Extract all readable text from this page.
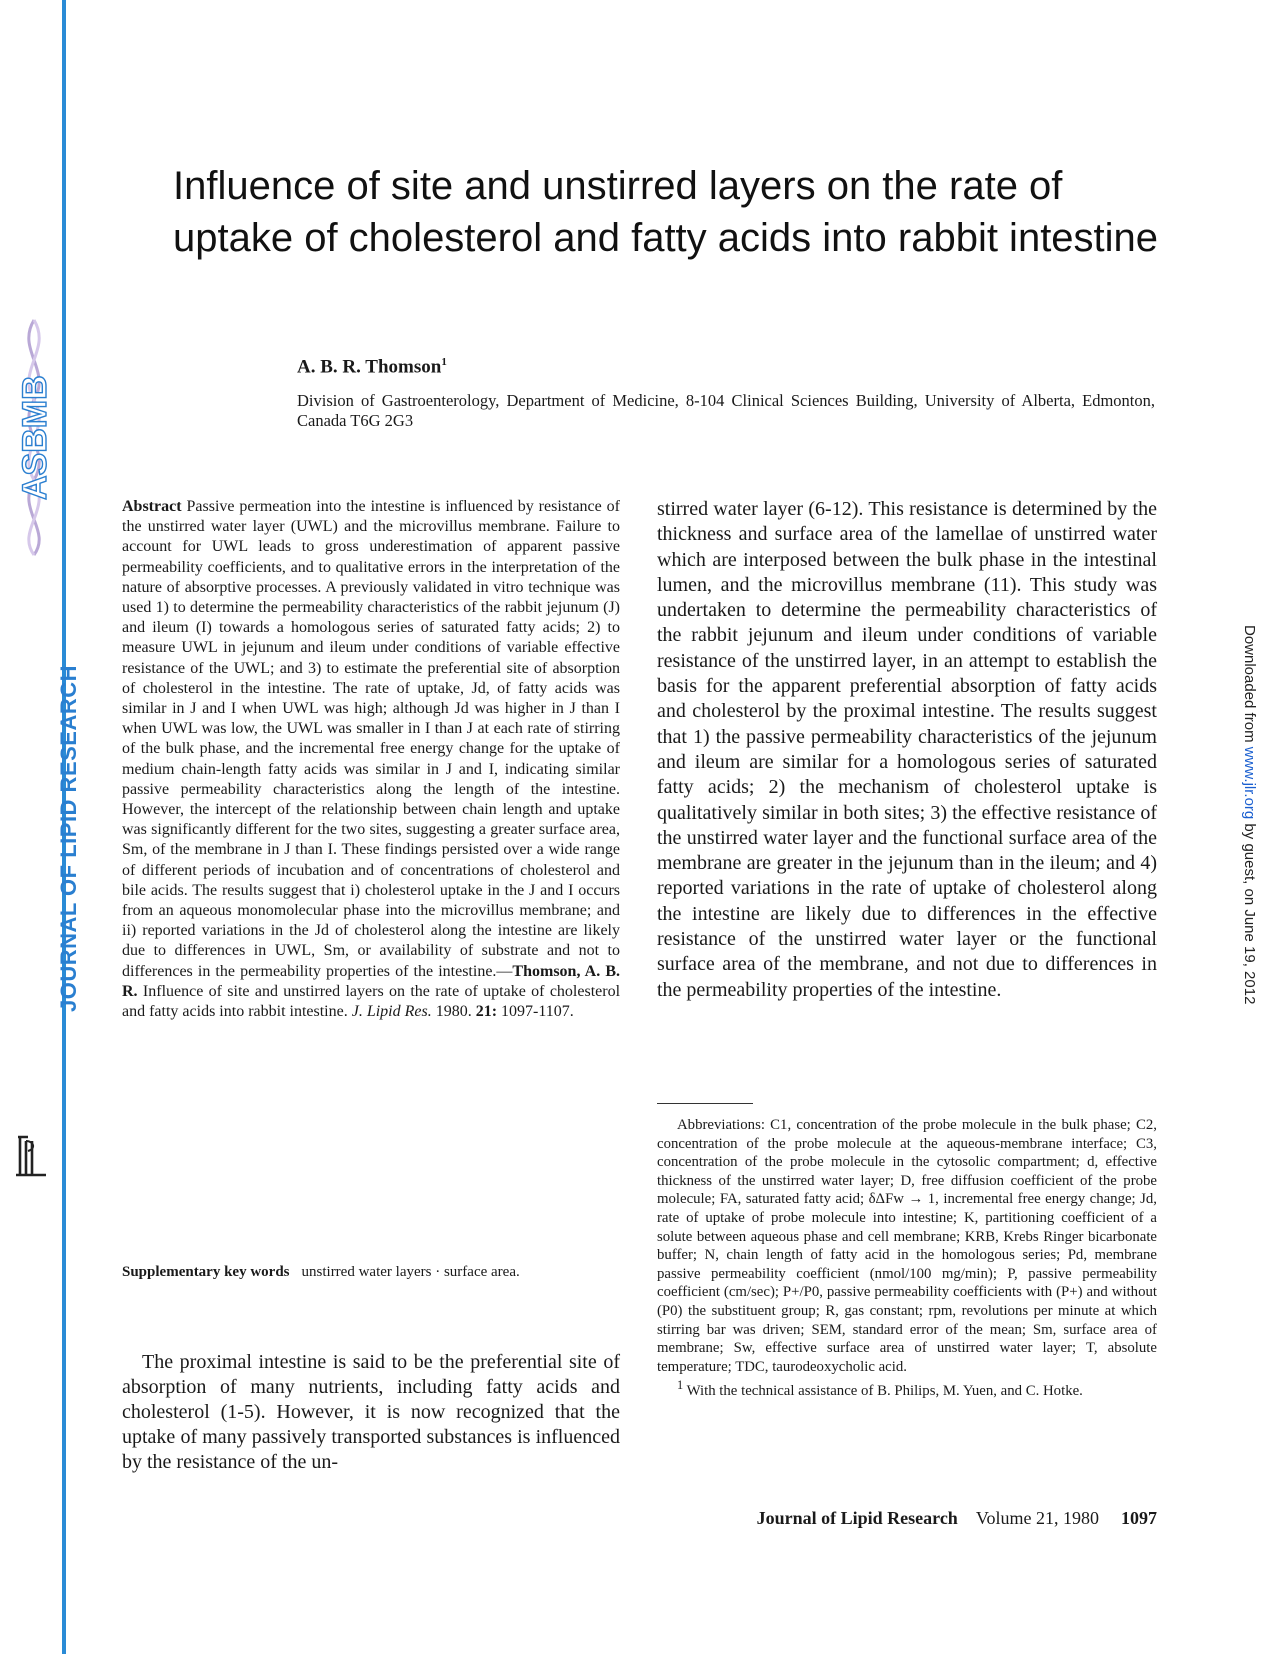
ASBMB
JOURNAL OF LIPID RESEARCH	Downloaded from www.jlr.org by guest, on June 19, 2012
Influence of site and unstirred layers on the rate of uptake of cholesterol and fatty acids into rabbit intestine

A. B. R. Thomson$^1$

Division of Gastroenterology, Department of Medicine, 8-104 Clinical Sciences Building, University of Alberta, Edmonton, Canada T6G 2G3

Abstract Passive permeation into the intestine is influenced by resistance of the unstirred water layer (UWL) and the microvillus membrane. Failure to account for UWL leads to gross underestimation of apparent passive permeability coefficients, and to qualitative errors in the interpretation of the nature of absorptive processes. A previously validated in vitro technique was used 1) to determine the permeability characteristics of the rabbit jejunum (J) and ileum (I) towards a homologous series of saturated fatty acids; 2) to measure UWL in jejunum and ileum under conditions of variable effective resistance of the UWL; and 3) to estimate the preferential site of absorption of cholesterol in the intestine. The rate of uptake, Jd, of fatty acids was similar in J and I when UWL was high; although Jd was higher in J than I when UWL was low, the UWL was smaller in I than J at each rate of stirring of the bulk phase, and the incremental free energy change for the uptake of medium chain-length fatty acids was similar in J and I, indicating similar passive permeability characteristics along the length of the intestine. However, the intercept of the relationship between chain length and uptake was significantly different for the two sites, suggesting a greater surface area, Sm, of the membrane in J than I. These findings persisted over a wide range of different periods of incubation and of concentrations of cholesterol and bile acids. The results suggest that i) cholesterol uptake in the J and I occurs from an aqueous monomolecular phase into the microvillus membrane; and ii) reported variations in the Jd of cholesterol along the intestine are likely due to differences in UWL, Sm, or availability of substrate and not to differences in the permeability properties of the intestine.—Thomson, A. B. R. Influence of site and unstirred layers on the rate of uptake of cholesterol and fatty acids into rabbit intestine. J. Lipid Res. 1980. 21: 1097-1107.

Supplementary key words unstirred water layers · surface area.

The proximal intestine is said to be the preferential site of absorption of many nutrients, including fatty acids and cholesterol (1-5). However, it is now recognized that the uptake of many passively transported substances is influenced by the resistance of the un-

stirred water layer (6-12). This resistance is determined by the thickness and surface area of the lamellae of unstirred water which are interposed between the bulk phase in the intestinal lumen, and the microvillus membrane (11). This study was undertaken to determine the permeability characteristics of the rabbit jejunum and ileum under conditions of variable resistance of the unstirred layer, in an attempt to establish the basis for the apparent preferential absorption of fatty acids and cholesterol by the proximal intestine. The results suggest that 1) the passive permeability characteristics of the jejunum and ileum are similar for a homologous series of saturated fatty acids; 2) the mechanism of cholesterol uptake is qualitatively similar in both sites; 3) the effective resistance of the unstirred water layer and the functional surface area of the membrane are greater in the jejunum than in the ileum; and 4) reported variations in the rate of uptake of cholesterol along the intestine are likely due to differences in the effective resistance of the unstirred water layer or the functional surface area of the membrane, and not due to differences in the permeability properties of the intestine.

Abbreviations: C1, concentration of the probe molecule in the bulk phase; C2, concentration of the probe molecule at the aqueous-membrane interface; C3, concentration of the probe molecule in the cytosolic compartment; d, effective thickness of the unstirred water layer; D, free diffusion coefficient of the probe molecule; FA, saturated fatty acid; δΔFw → 1, incremental free energy change; Jd, rate of uptake of probe molecule into intestine; K, partitioning coefficient of a solute between aqueous phase and cell membrane; KRB, Krebs Ringer bicarbonate buffer; N, chain length of fatty acid in the homologous series; Pd, membrane passive permeability coefficient (nmol/100 mg/min); P, passive permeability coefficient (cm/sec); P+/P0, passive permeability coefficients with (P+) and without (P0) the substituent group; R, gas constant; rpm, revolutions per minute at which stirring bar was driven; SEM, standard error of the mean; Sm, surface area of membrane; Sw, effective surface area of unstirred water layer; T, absolute temperature; TDC, taurodeoxycholic acid.

$^1$ With the technical assistance of B. Philips, M. Yuen, and C. Hotke.

Journal of Lipid Research Volume 21, 1980 1097
